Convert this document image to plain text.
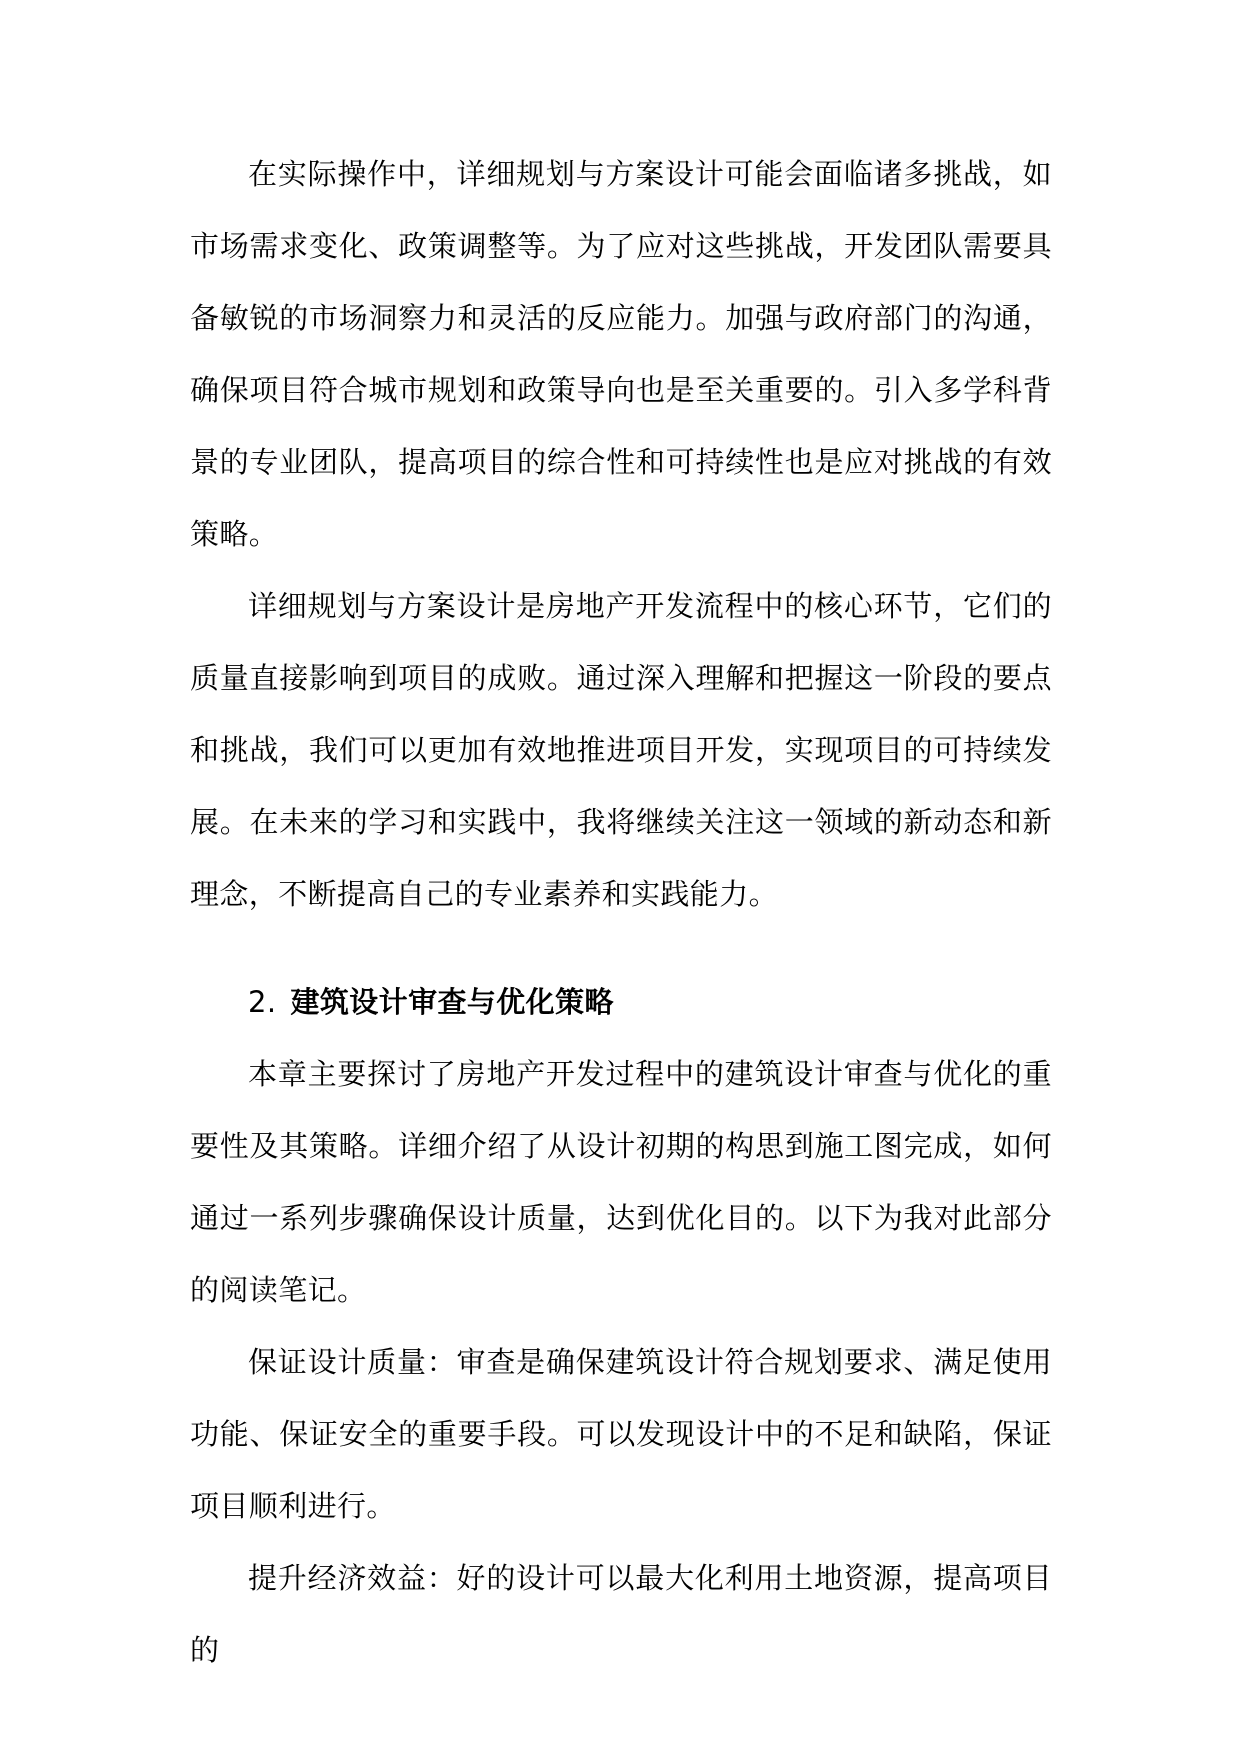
在实际操作中，详细规划与方案设计可能会面临诸多挑战，如市场需求变化、政策调整等。为了应对这些挑战，开发团队需要具备敏锐的市场洞察力和灵活的反应能力。加强与政府部门的沟通，确保项目符合城市规划和政策导向也是至关重要的。引入多学科背景的专业团队，提高项目的综合性和可持续性也是应对挑战的有效策略。

详细规划与方案设计是房地产开发流程中的核心环节，它们的质量直接影响到项目的成败。通过深入理解和把握这一阶段的要点和挑战，我们可以更加有效地推进项目开发，实现项目的可持续发展。在未来的学习和实践中，我将继续关注这一领域的新动态和新理念，不断提高自己的专业素养和实践能力。

2. 建筑设计审查与优化策略

本章主要探讨了房地产开发过程中的建筑设计审查与优化的重要性及其策略。详细介绍了从设计初期的构思到施工图完成，如何通过一系列步骤确保设计质量，达到优化目的。以下为我对此部分的阅读笔记。

保证设计质量：审查是确保建筑设计符合规划要求、满足使用功能、保证安全的重要手段。可以发现设计中的不足和缺陷，保证项目顺利进行。

提升经济效益：好的设计可以最大化利用土地资源，提高项目的
